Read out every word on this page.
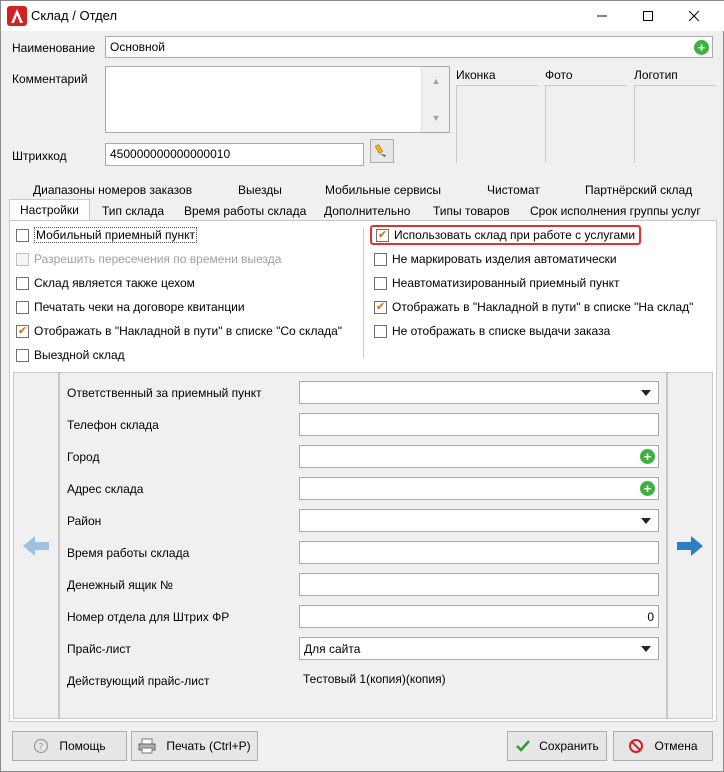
Склад / Отдел
Наименование	Основной	+
Комментарий	▲
▼
Иконка	Фото	Логотип
Штрихкод	450000000000000010
Диапазоны номеров заказов	Выезды	Мобильные сервисы	Чистомат	Партнёрский склад
Настройки	Тип склада	Время работы склада	Дополнительно	Типы товаров	Срок исполнения группы услуг
Мобильный приемный пункт
Разрешить пересечения по времени выезда
Склад является также цехом
Печатать чеки на договоре квитанции
✔ Отображать в "Накладной в пути" в списке "Со склада"
Выездной склад
✔ Использовать склад при работе с услугами
Не маркировать изделия автоматически
Неавтоматизированный приемный пункт
✔ Отображать в "Накладной в пути" в списке "На склад"
Не отображать в списке выдачи заказа
Ответственный за приемный пункт
Телефон склада
Город	+
Адрес склада	+
Район
Время работы склада
Денежный ящик №
Номер отдела для Штрих ФР	0
Прайс-лист	Для сайта
Действующий прайс-лист	Тестовый 1(копия)(копия)
? Помощь	Печать (Ctrl+P)	Сохранить	Отмена
